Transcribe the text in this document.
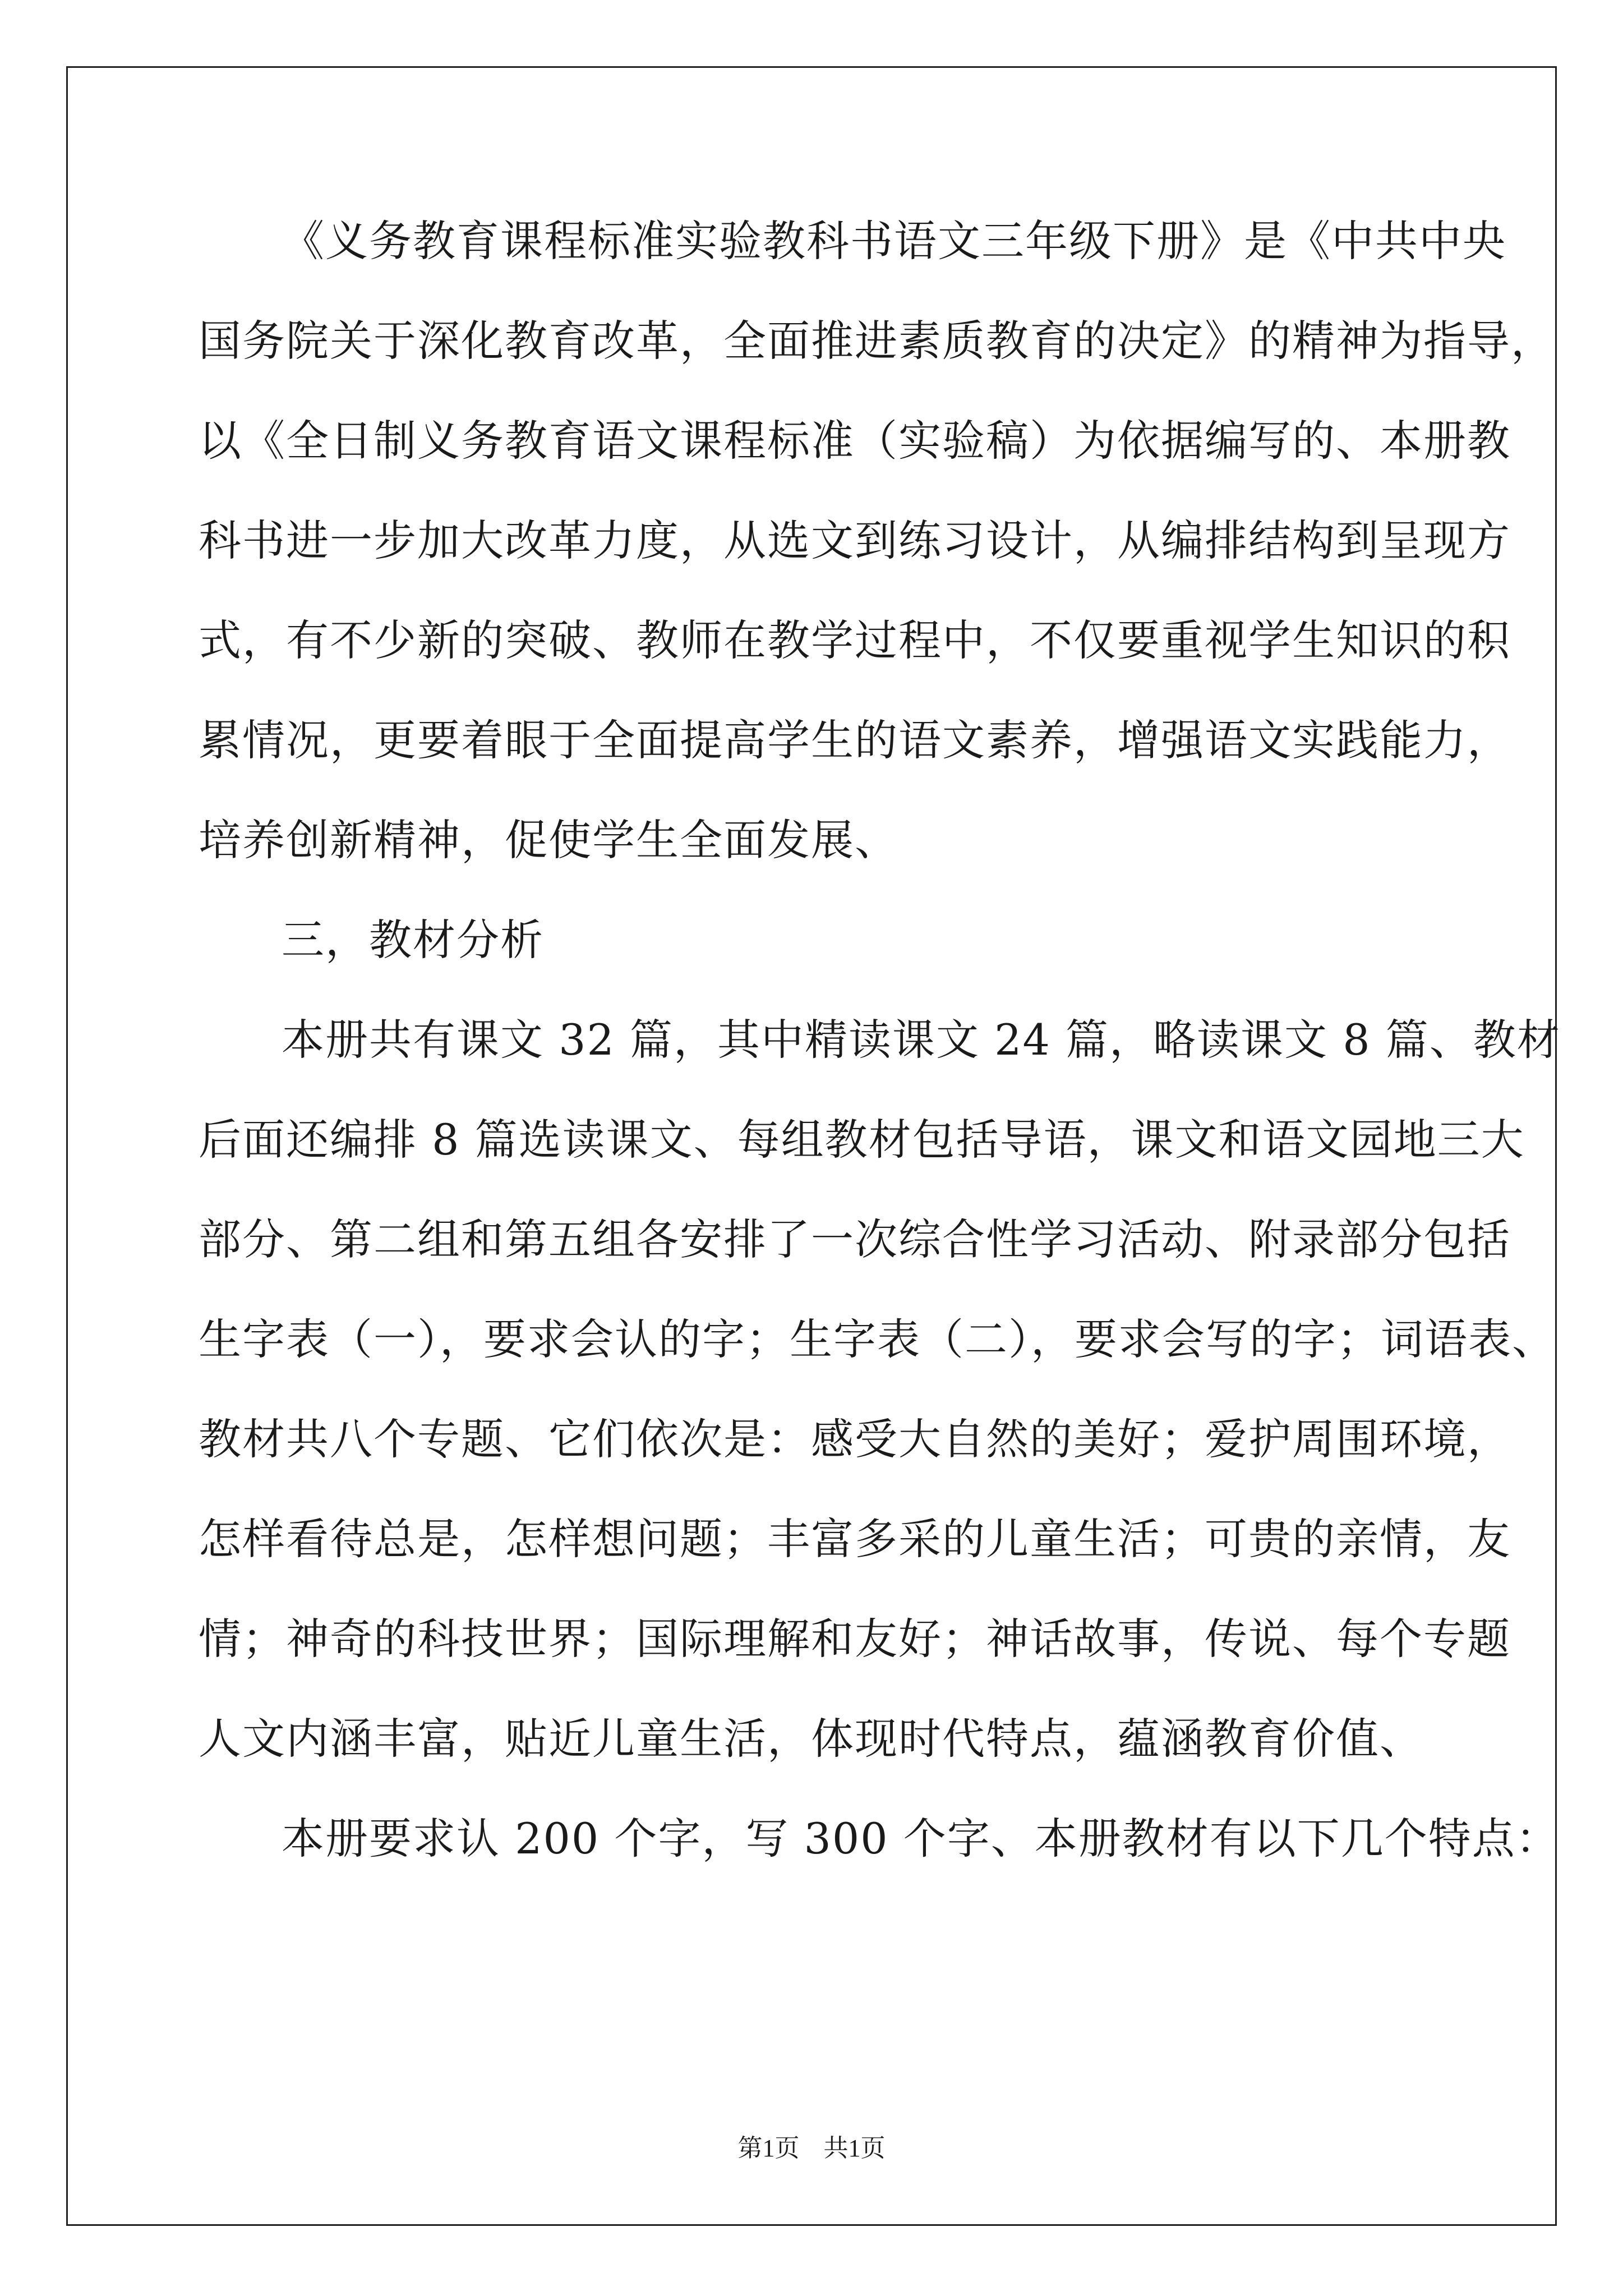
《义务教育课程标准实验教科书语文三年级下册》是《中共中央
国务院关于深化教育改革，全面推进素质教育的决定》的精神为指导，
以《全日制义务教育语文课程标准（实验稿）为依据编写的、本册教
科书进一步加大改革力度，从选文到练习设计，从编排结构到呈现方
式，有不少新的突破、教师在教学过程中，不仅要重视学生知识的积
累情况，更要着眼于全面提高学生的语文素养，增强语文实践能力，
培养创新精神，促使学生全面发展、
三，教材分析
本册共有课文 32 篇，其中精读课文 24 篇，略读课文 8 篇、教材
后面还编排 8 篇选读课文、每组教材包括导语，课文和语文园地三大
部分、第二组和第五组各安排了一次综合性学习活动、附录部分包括
生字表（一），要求会认的字；生字表（二），要求会写的字；词语表、
教材共八个专题、它们依次是：感受大自然的美好；爱护周围环境，
怎样看待总是，怎样想问题；丰富多采的儿童生活；可贵的亲情，友
情；神奇的科技世界；国际理解和友好；神话故事，传说、每个专题
人文内涵丰富，贴近儿童生活，体现时代特点，蕴涵教育价值、
本册要求认 200 个字，写 300 个字、本册教材有以下几个特点：
第1页 共1页
